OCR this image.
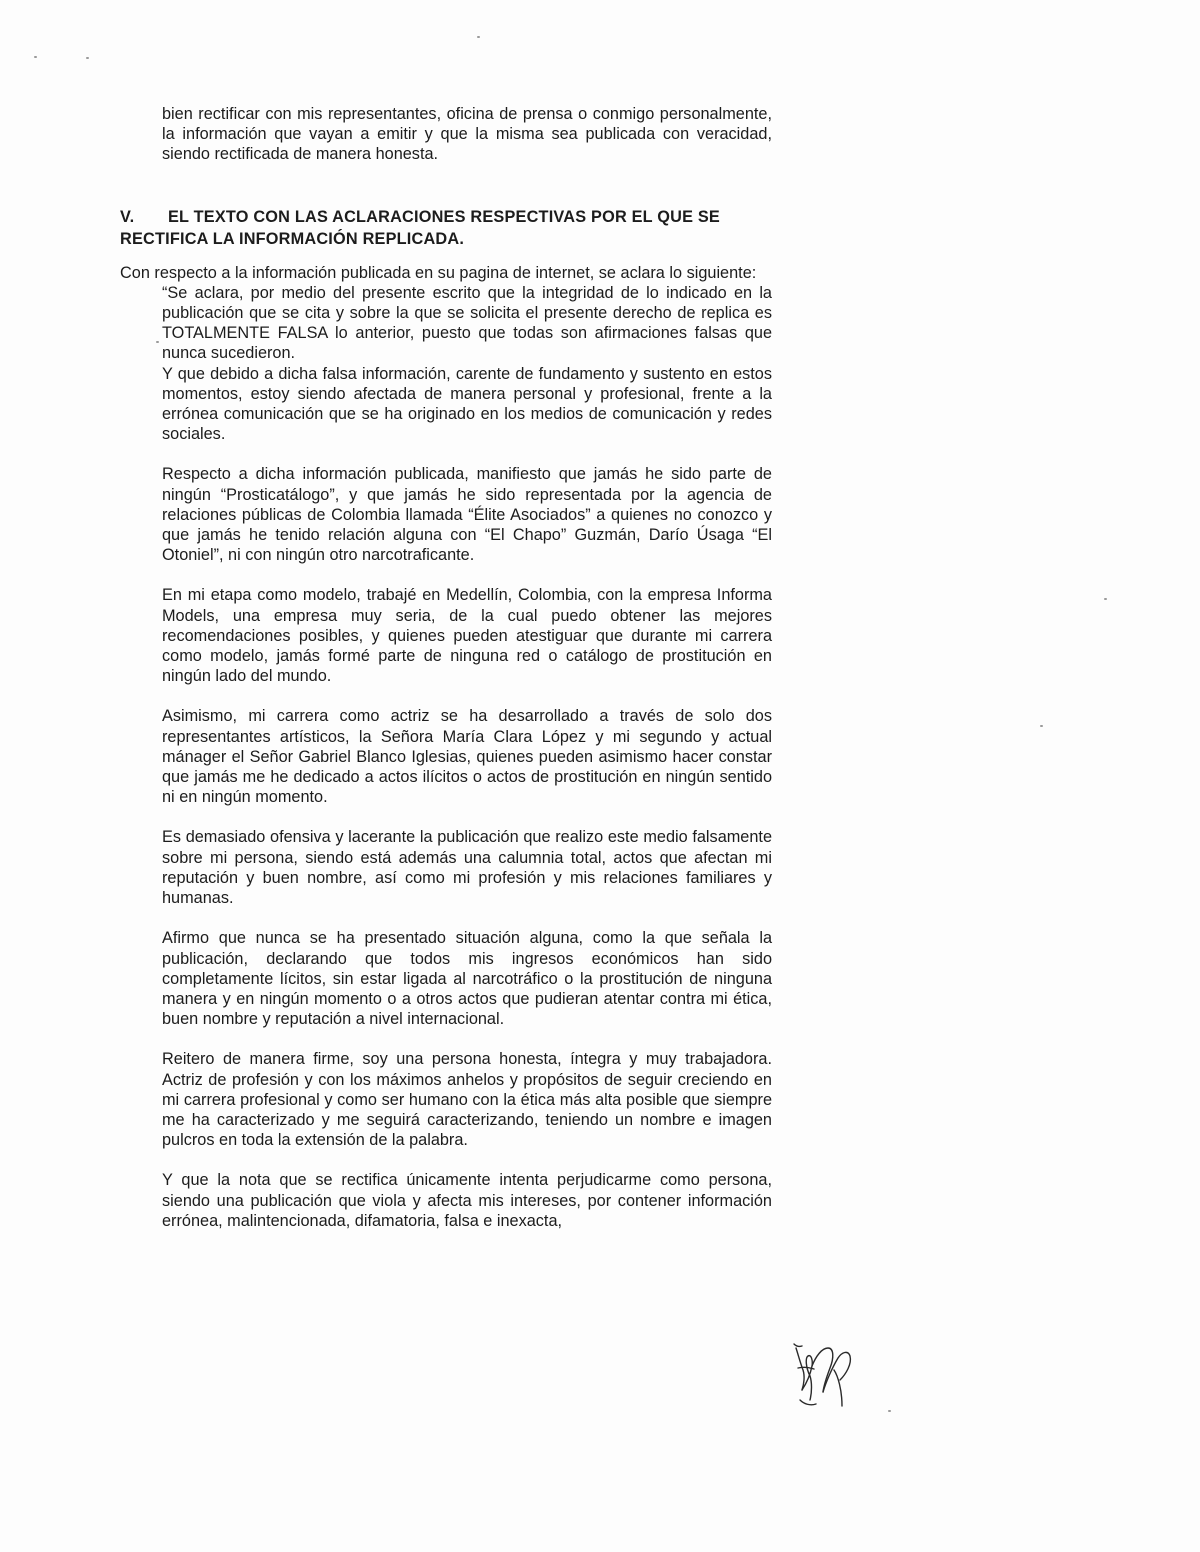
bien rectificar con mis representantes, oficina de prensa o conmigo personalmente, la información que vayan a emitir y que la misma sea publicada con veracidad, siendo rectificada de manera honesta.

V. EL TEXTO CON LAS ACLARACIONES RESPECTIVAS POR EL QUE SE
RECTIFICA LA INFORMACIÓN REPLICADA.

Con respecto a la información publicada en su pagina de internet, se aclara lo siguiente:

“Se aclara, por medio del presente escrito que la integridad de lo indicado en la publicación que se cita y sobre la que se solicita el presente derecho de replica es TOTALMENTE FALSA lo anterior, puesto que todas son afirmaciones falsas que nunca sucedieron.

Y que debido a dicha falsa información, carente de fundamento y sustento en estos momentos, estoy siendo afectada de manera personal y profesional, frente a la errónea comunicación que se ha originado en los medios de comunicación y redes sociales.

Respecto a dicha información publicada, manifiesto que jamás he sido parte de ningún “Prosticatálogo”, y que jamás he sido representada por la agencia de relaciones públicas de Colombia llamada “Élite Asociados” a quienes no conozco y que jamás he tenido relación alguna con “El Chapo” Guzmán, Darío Úsaga “El Otoniel”, ni con ningún otro narcotraficante.

En mi etapa como modelo, trabajé en Medellín, Colombia, con la empresa Informa Models, una empresa muy seria, de la cual puedo obtener las mejores recomendaciones posibles, y quienes pueden atestiguar que durante mi carrera como modelo, jamás formé parte de ninguna red o catálogo de prostitución en ningún lado del mundo.

Asimismo, mi carrera como actriz se ha desarrollado a través de solo dos representantes artísticos, la Señora María Clara López y mi segundo y actual mánager el Señor Gabriel Blanco Iglesias, quienes pueden asimismo hacer constar que jamás me he dedicado a actos ilícitos o actos de prostitución en ningún sentido ni en ningún momento.

Es demasiado ofensiva y lacerante la publicación que realizo este medio falsamente sobre mi persona, siendo está además una calumnia total, actos que afectan mi reputación y buen nombre, así como mi profesión y mis relaciones familiares y humanas.

Afirmo que nunca se ha presentado situación alguna, como la que señala la publicación, declarando que todos mis ingresos económicos han sido completamente lícitos, sin estar ligada al narcotráfico o la prostitución de ninguna manera y en ningún momento o a otros actos que pudieran atentar contra mi ética, buen nombre y reputación a nivel internacional.

Reitero de manera firme, soy una persona honesta, íntegra y muy trabajadora. Actriz de profesión y con los máximos anhelos y propósitos de seguir creciendo en mi carrera profesional y como ser humano con la ética más alta posible que siempre me ha caracterizado y me seguirá caracterizando, teniendo un nombre e imagen pulcros en toda la extensión de la palabra.

Y que la nota que se rectifica únicamente intenta perjudicarme como persona, siendo una publicación que viola y afecta mis intereses, por contener información errónea, malintencionada, difamatoria, falsa e inexacta,
